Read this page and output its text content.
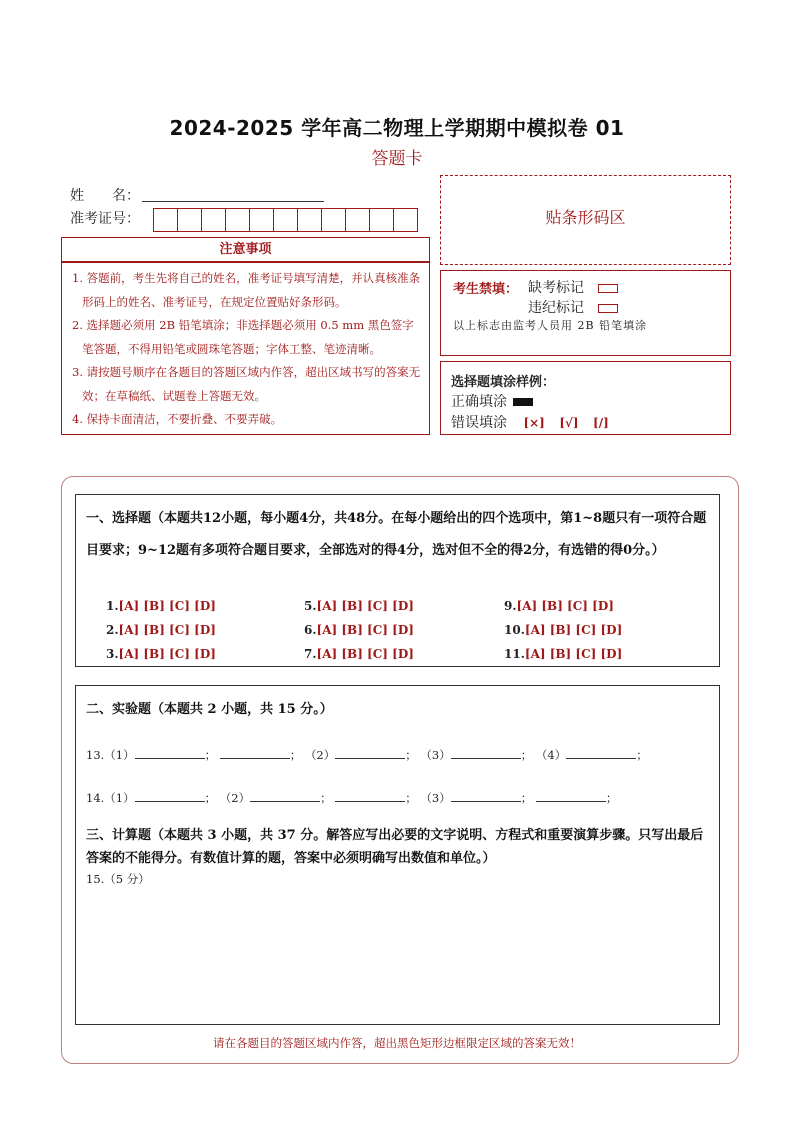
2024-2025 学年高二物理上学期期中模拟卷 01
答题卡
姓　　名：
准考证号：
注意事项

1. 答题前，考生先将自己的姓名，准考证号填写清楚，并认真核准条形码上的姓名、准考证号，在规定位置贴好条形码。

2. 选择题必须用 2B 铅笔填涂；非选择题必须用 0.5 mm 黑色签字笔答题，不得用铅笔或圆珠笔答题；字体工整、笔迹清晰。

3. 请按题号顺序在各题目的答题区域内作答，超出区域书写的答案无效；在草稿纸、试题卷上答题无效。

4. 保持卡面清洁，不要折叠、不要弄破。

贴条形码区
考生禁填： 缺考标记
违纪标记
以上标志由监考人员用 2B 铅笔填涂
选择题填涂样例：
正确填涂
错误填涂 [×] [√] [/]
一、选择题（本题共12小题，每小题4分，共48分。在每小题给出的四个选项中，第1~8题只有一项符合题目要求；9~12题有多项符合题目要求，全部选对的得4分，选对但不全的得2分，有选错的得0分。）
1.[A] [B] [C] [D]	5.[A] [B] [C] [D]	9.[A] [B] [C] [D]
2.[A] [B] [C] [D]	6.[A] [B] [C] [D]	10.[A] [B] [C] [D]
3.[A] [B] [C] [D]	7.[A] [B] [C] [D]	11.[A] [B] [C] [D]
二、实验题（本题共 2 小题，共 15 分。）
13.（1）	；	； （2）	； （3）	； （4）	；
14.（1）	； （2）	；	； （3）	；	；
三、计算题（本题共 3 小题，共 37 分。解答应写出必要的文字说明、方程式和重要演算步骤。只写出最后答案的不能得分。有数值计算的题，答案中必须明确写出数值和单位。）
15.（5 分）
请在各题目的答题区域内作答，超出黑色矩形边框限定区域的答案无效！
